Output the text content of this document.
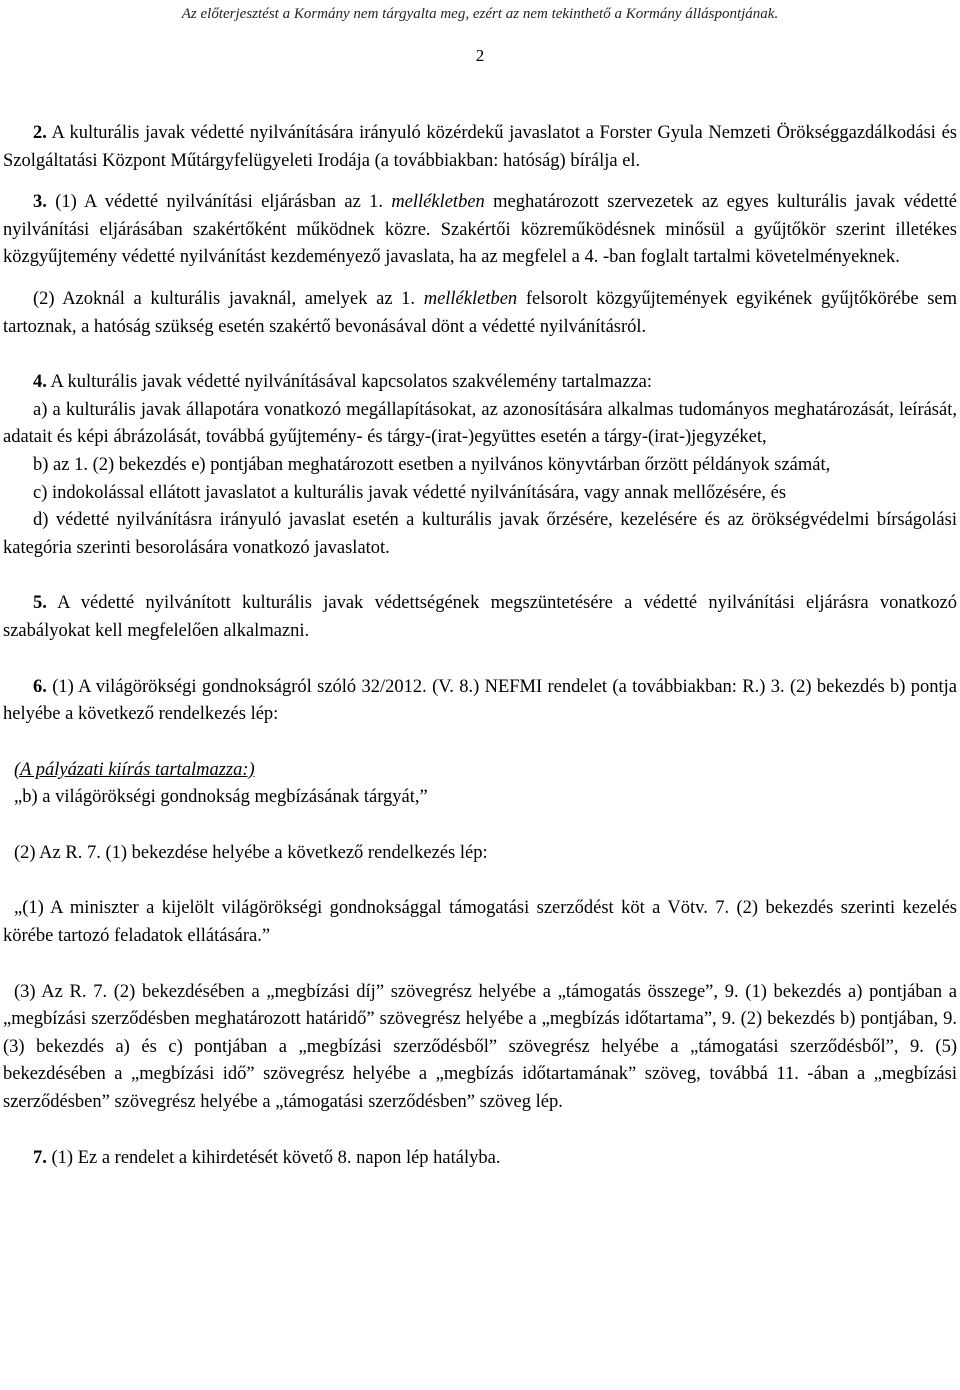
Az előterjesztést a Kormány nem tárgyalta meg, ezért az nem tekinthető a Kormány álláspontjának.
2

2. A kulturális javak védetté nyilvánítására irányuló közérdekű javaslatot a Forster Gyula Nemzeti Örökséggazdálkodási és Szolgáltatási Központ Műtárgyfelügyeleti Irodája (a továbbiakban: hatóság) bírálja el.

3. (1) A védetté nyilvánítási eljárásban az 1. mellékletben meghatározott szervezetek az egyes kulturális javak védetté nyilvánítási eljárásában szakértőként működnek közre. Szakértői közreműködésnek minősül a gyűjtőkör szerint illetékes közgyűjtemény védetté nyilvánítást kezdeményező javaslata, ha az megfelel a 4. -ban foglalt tartalmi követelményeknek.

(2) Azoknál a kulturális javaknál, amelyek az 1. mellékletben felsorolt közgyűjtemények egyikének gyűjtőkörébe sem tartoznak, a hatóság szükség esetén szakértő bevonásával dönt a védetté nyilvánításról.

4. A kulturális javak védetté nyilvánításával kapcsolatos szakvélemény tartalmazza:

a) a kulturális javak állapotára vonatkozó megállapításokat, az azonosítására alkalmas tudományos meghatározását, leírását, adatait és képi ábrázolását, továbbá gyűjtemény- és tárgy-(irat-)együttes esetén a tárgy-(irat-)jegyzéket,

b) az 1. (2) bekezdés e) pontjában meghatározott esetben a nyilvános könyvtárban őrzött példányok számát,

c) indokolással ellátott javaslatot a kulturális javak védetté nyilvánítására, vagy annak mellőzésére, és

d) védetté nyilvánításra irányuló javaslat esetén a kulturális javak őrzésére, kezelésére és az örökségvédelmi bírságolási kategória szerinti besorolására vonatkozó javaslatot.

5. A védetté nyilvánított kulturális javak védettségének megszüntetésére a védetté nyilvánítási eljárásra vonatkozó szabályokat kell megfelelően alkalmazni.

6. (1) A világörökségi gondnokságról szóló 32/2012. (V. 8.) NEFMI rendelet (a továbbiakban: R.) 3. (2) bekezdés b) pontja helyébe a következő rendelkezés lép:

(A pályázati kiírás tartalmazza:)

„b) a világörökségi gondnokság megbízásának tárgyát,”

(2) Az R. 7. (1) bekezdése helyébe a következő rendelkezés lép:

„(1) A miniszter a kijelölt világörökségi gondnoksággal támogatási szerződést köt a Vötv. 7. (2) bekezdés szerinti kezelés körébe tartozó feladatok ellátására.”

(3) Az R. 7. (2) bekezdésében a „megbízási díj” szövegrész helyébe a „támogatás összege”, 9. (1) bekezdés a) pontjában a „megbízási szerződésben meghatározott határidő” szövegrész helyébe a „megbízás időtartama”, 9. (2) bekezdés b) pontjában, 9. (3) bekezdés a) és c) pontjában a „megbízási szerződésből” szövegrész helyébe a „támogatási szerződésből”, 9. (5) bekezdésében a „megbízási idő” szövegrész helyébe a „megbízás időtartamának” szöveg, továbbá 11. -ában a „megbízási szerződésben” szövegrész helyébe a „támogatási szerződésben” szöveg lép.

7. (1) Ez a rendelet a kihirdetését követő 8. napon lép hatályba.
